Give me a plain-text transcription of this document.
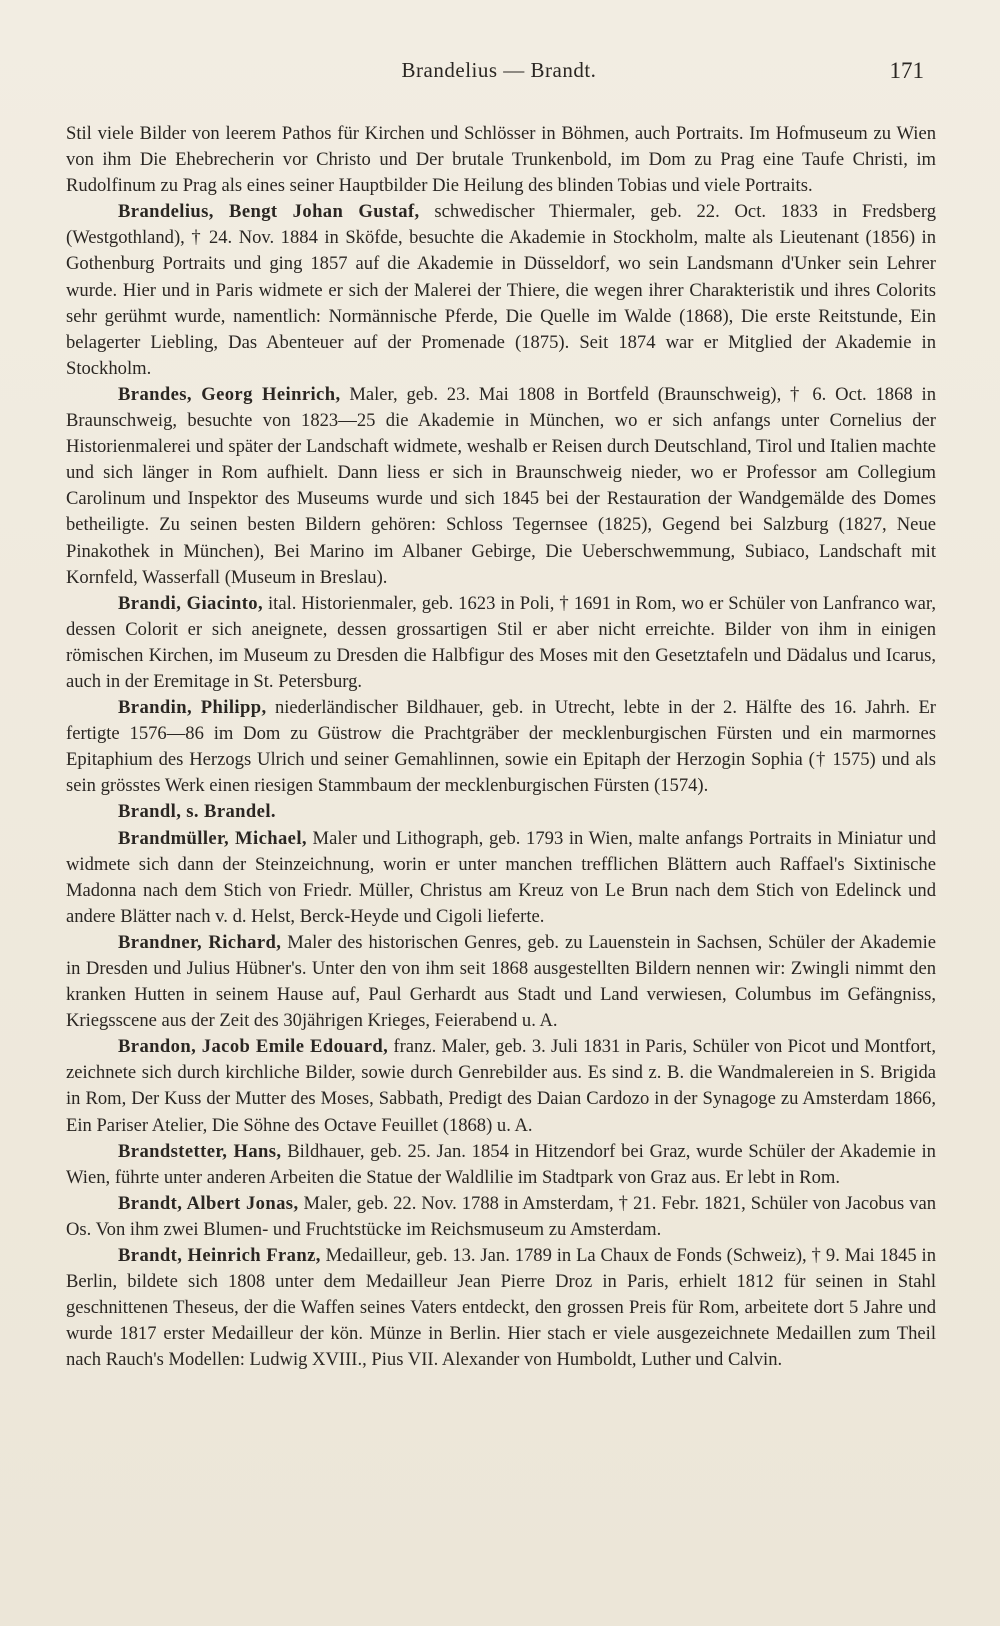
Brandelius — Brandt.	171

Stil viele Bilder von leerem Pathos für Kirchen und Schlösser in Böhmen, auch Portraits. Im Hofmuseum zu Wien von ihm Die Ehebrecherin vor Christo und Der brutale Trunkenbold, im Dom zu Prag eine Taufe Christi, im Rudolfinum zu Prag als eines seiner Hauptbilder Die Heilung des blinden Tobias und viele Portraits.

Brandelius, Bengt Johan Gustaf, schwedischer Thiermaler, geb. 22. Oct. 1833 in Fredsberg (Westgothland), † 24. Nov. 1884 in Sköfde, besuchte die Akademie in Stockholm, malte als Lieutenant (1856) in Gothenburg Portraits und ging 1857 auf die Akademie in Düsseldorf, wo sein Landsmann d'Unker sein Lehrer wurde. Hier und in Paris widmete er sich der Malerei der Thiere, die wegen ihrer Charakteristik und ihres Colorits sehr gerühmt wurde, namentlich: Normännische Pferde, Die Quelle im Walde (1868), Die erste Reitstunde, Ein belagerter Liebling, Das Abenteuer auf der Promenade (1875). Seit 1874 war er Mitglied der Akademie in Stockholm.

Brandes, Georg Heinrich, Maler, geb. 23. Mai 1808 in Bortfeld (Braunschweig), † 6. Oct. 1868 in Braunschweig, besuchte von 1823—25 die Akademie in München, wo er sich anfangs unter Cornelius der Historienmalerei und später der Landschaft widmete, weshalb er Reisen durch Deutschland, Tirol und Italien machte und sich länger in Rom aufhielt. Dann liess er sich in Braunschweig nieder, wo er Professor am Collegium Carolinum und Inspektor des Museums wurde und sich 1845 bei der Restauration der Wandgemälde des Domes betheiligte. Zu seinen besten Bildern gehören: Schloss Tegernsee (1825), Gegend bei Salzburg (1827, Neue Pinakothek in München), Bei Marino im Albaner Gebirge, Die Ueberschwemmung, Subiaco, Landschaft mit Kornfeld, Wasserfall (Museum in Breslau).

Brandi, Giacinto, ital. Historienmaler, geb. 1623 in Poli, † 1691 in Rom, wo er Schüler von Lanfranco war, dessen Colorit er sich aneignete, dessen grossartigen Stil er aber nicht erreichte. Bilder von ihm in einigen römischen Kirchen, im Museum zu Dresden die Halbfigur des Moses mit den Gesetztafeln und Dädalus und Icarus, auch in der Eremitage in St. Petersburg.

Brandin, Philipp, niederländischer Bildhauer, geb. in Utrecht, lebte in der 2. Hälfte des 16. Jahrh. Er fertigte 1576—86 im Dom zu Güstrow die Prachtgräber der mecklenburgischen Fürsten und ein marmornes Epitaphium des Herzogs Ulrich und seiner Gemahlinnen, sowie ein Epitaph der Herzogin Sophia († 1575) und als sein grösstes Werk einen riesigen Stammbaum der mecklenburgischen Fürsten (1574).

Brandl, s. Brandel.

Brandmüller, Michael, Maler und Lithograph, geb. 1793 in Wien, malte anfangs Portraits in Miniatur und widmete sich dann der Steinzeichnung, worin er unter manchen trefflichen Blättern auch Raffael's Sixtinische Madonna nach dem Stich von Friedr. Müller, Christus am Kreuz von Le Brun nach dem Stich von Edelinck und andere Blätter nach v. d. Helst, Berck-Heyde und Cigoli lieferte.

Brandner, Richard, Maler des historischen Genres, geb. zu Lauenstein in Sachsen, Schüler der Akademie in Dresden und Julius Hübner's. Unter den von ihm seit 1868 ausgestellten Bildern nennen wir: Zwingli nimmt den kranken Hutten in seinem Hause auf, Paul Gerhardt aus Stadt und Land verwiesen, Columbus im Gefängniss, Kriegsscene aus der Zeit des 30jährigen Krieges, Feierabend u. A.

Brandon, Jacob Emile Edouard, franz. Maler, geb. 3. Juli 1831 in Paris, Schüler von Picot und Montfort, zeichnete sich durch kirchliche Bilder, sowie durch Genrebilder aus. Es sind z. B. die Wandmalereien in S. Brigida in Rom, Der Kuss der Mutter des Moses, Sabbath, Predigt des Daian Cardozo in der Synagoge zu Amsterdam 1866, Ein Pariser Atelier, Die Söhne des Octave Feuillet (1868) u. A.

Brandstetter, Hans, Bildhauer, geb. 25. Jan. 1854 in Hitzendorf bei Graz, wurde Schüler der Akademie in Wien, führte unter anderen Arbeiten die Statue der Waldlilie im Stadtpark von Graz aus. Er lebt in Rom.

Brandt, Albert Jonas, Maler, geb. 22. Nov. 1788 in Amsterdam, † 21. Febr. 1821, Schüler von Jacobus van Os. Von ihm zwei Blumen- und Fruchtstücke im Reichsmuseum zu Amsterdam.

Brandt, Heinrich Franz, Medailleur, geb. 13. Jan. 1789 in La Chaux de Fonds (Schweiz), † 9. Mai 1845 in Berlin, bildete sich 1808 unter dem Medailleur Jean Pierre Droz in Paris, erhielt 1812 für seinen in Stahl geschnittenen Theseus, der die Waffen seines Vaters entdeckt, den grossen Preis für Rom, arbeitete dort 5 Jahre und wurde 1817 erster Medailleur der kön. Münze in Berlin. Hier stach er viele ausgezeichnete Medaillen zum Theil nach Rauch's Modellen: Ludwig XVIII., Pius VII. Alexander von Humboldt, Luther und Calvin.
